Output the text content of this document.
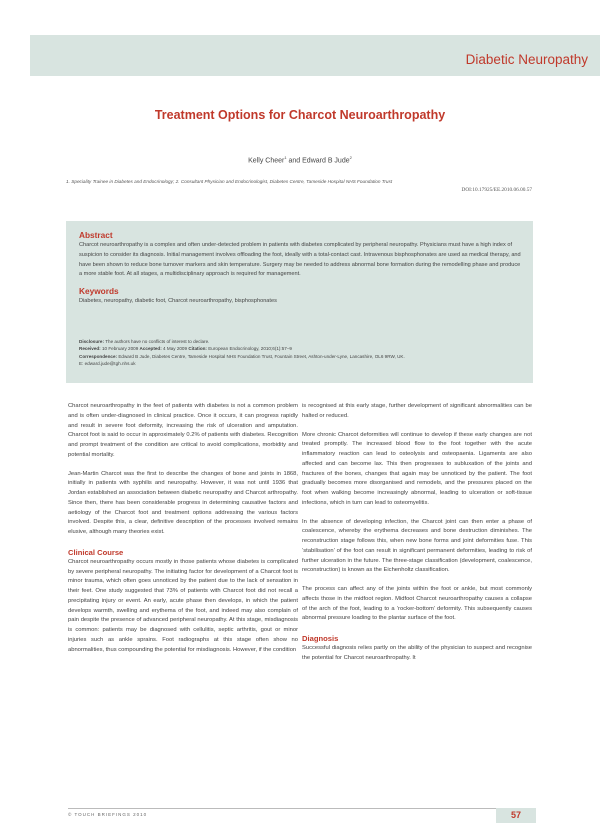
Diabetic Neuropathy
Treatment Options for Charcot Neuroarthropathy
Kelly Cheer$^1$ and Edward B Jude$^2$
1. Speciality Trainee in Diabetes and Endocrinology; 2. Consultant Physician and Endocrinologist, Diabetes Centre, Tameside Hospital NHS Foundation Trust
DOI:10.17925/EE.2010.06.00.57
Abstract
Charcot neuroarthropathy is a complex and often under-detected problem in patients with diabetes complicated by peripheral neuropathy. Physicians must have a high index of suspicion to consider its diagnosis. Initial management involves offloading the foot, ideally with a total-contact cast. Intravenous bisphosphonates are used as medical therapy, and have been shown to reduce bone turnover markers and skin temperature. Surgery may be needed to address abnormal bone formation during the remodelling phase and produce a more stable foot. At all stages, a multidisciplinary approach is required for management.
Keywords
Diabetes, neuropathy, diabetic foot, Charcot neuroarthropathy, bisphosphonates
Disclosure: The authors have no conflicts of interest to declare.
Received: 10 February 2009 Accepted: 4 May 2009 Citation: European Endocrinology, 2010;6(1):57–9
Correspondence: Edward B Jude, Diabetes Centre, Tameside Hospital NHS Foundation Trust, Fountain Street, Ashton-under-Lyne, Lancashire, OL6 9RW, UK.
E: edward.jude@tgh.nhs.uk

Charcot neuroarthropathy in the feet of patients with diabetes is not a common problem and is often under-diagnosed in clinical practice. Once it occurs, it can progress rapidly and result in severe foot deformity, increasing the risk of ulceration and amputation. Charcot foot is said to occur in approximately 0.2% of patients with diabetes. Recognition and prompt treatment of the condition are critical to avoid complications, morbidity and potential mortality.

Jean-Martin Charcot was the first to describe the changes of bone and joints in 1868, initially in patients with syphilis and neuropathy. However, it was not until 1936 that Jordan established an association between diabetic neuropathy and Charcot arthropathy. Since then, there has been considerable progress in determining causative factors and aetiology of the Charcot foot and treatment options addressing the various factors involved. Despite this, a clear, definitive description of the processes involved remains elusive, although many theories exist.

Clinical Course

Charcot neuroarthropathy occurs mostly in those patients whose diabetes is complicated by severe peripheral neuropathy. The initiating factor for development of a Charcot foot is minor trauma, which often goes unnoticed by the patient due to the lack of sensation in their feet. One study suggested that 73% of patients with Charcot foot did not recall a precipitating injury or event. An early, acute phase then develops, in which the patient develops warmth, swelling and erythema of the foot, and indeed may also complain of pain despite the presence of advanced peripheral neuropathy. At this stage, misdiagnosis is common: patients may be diagnosed with cellulitis, septic arthritis, gout or minor injuries such as ankle sprains. Foot radiographs at this stage often show no abnormalities, thus compounding the potential for misdiagnosis. However, if the condition

is recognised at this early stage, further development of significant abnormalities can be halted or reduced.

More chronic Charcot deformities will continue to develop if these early changes are not treated promptly. The increased blood flow to the foot together with the acute inflammatory reaction can lead to osteolysis and osteopaenia. Ligaments are also affected and can become lax. This then progresses to subluxation of the joints and fractures of the bones, changes that again may be unnoticed by the patient. The foot gradually becomes more disorganised and remodels, and the pressures placed on the foot when walking become increasingly abnormal, leading to ulceration or soft-tissue infections, which in turn can lead to osteomyelitis.

In the absence of developing infection, the Charcot joint can then enter a phase of coalescence, whereby the erythema decreases and bone destruction diminishes. The reconstruction stage follows this, when new bone forms and joint deformities fuse. This ‘stabilisation’ of the foot can result in significant permanent deformities, leading to risk of further ulceration in the future. The three-stage classification (development, coalescence, reconstruction) is known as the Eichenholtz classification.

The process can affect any of the joints within the foot or ankle, but most commonly affects those in the midfoot region. Midfoot Charcot neuroarthropathy causes a collapse of the arch of the foot, leading to a ‘rocker-bottom’ deformity. This subsequently causes abnormal pressure loading to the plantar surface of the foot.

Diagnosis

Successful diagnosis relies partly on the ability of the physician to suspect and recognise the potential for Charcot neuroarthropathy. It

© TOUCH BRIEFINGS 2010	57
